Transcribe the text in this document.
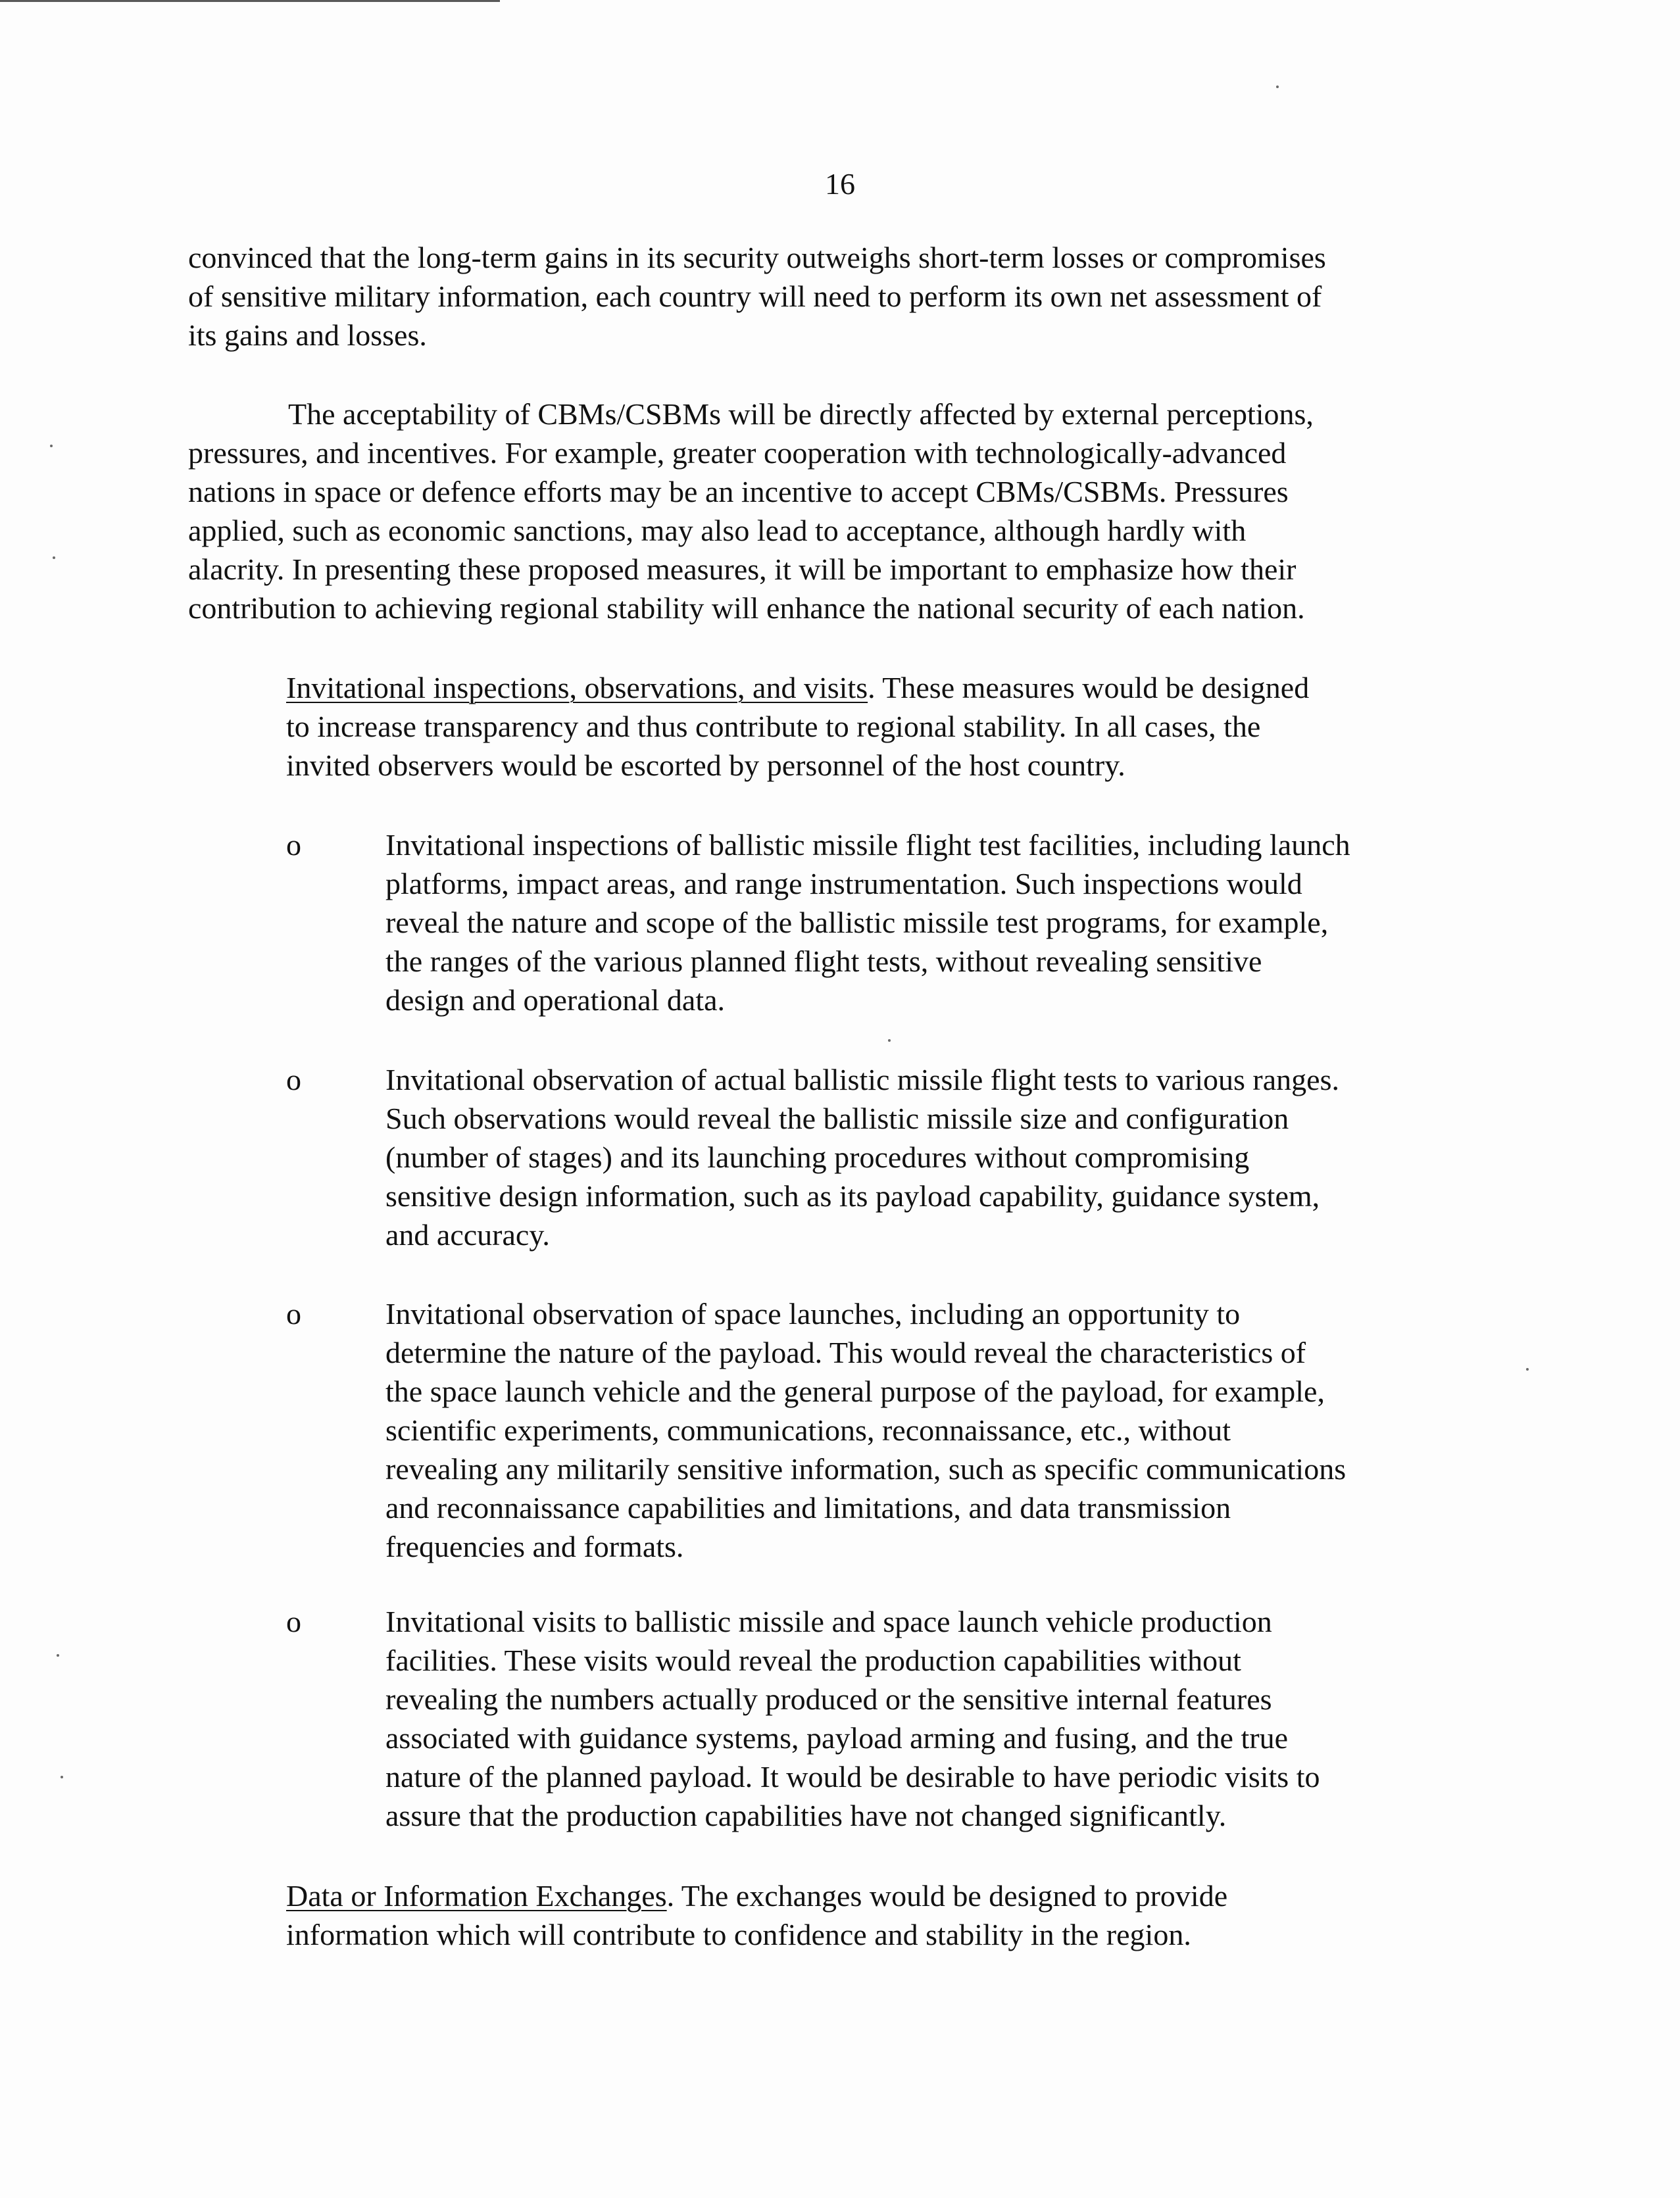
16

convinced that the long-term gains in its security outweighs short-term losses or compromises
of sensitive military information, each country will need to perform its own net assessment of
its gains and losses.

The acceptability of CBMs/CSBMs will be directly affected by external perceptions,
pressures, and incentives. For example, greater cooperation with technologically-advanced
nations in space or defence efforts may be an incentive to accept CBMs/CSBMs. Pressures
applied, such as economic sanctions, may also lead to acceptance, although hardly with
alacrity. In presenting these proposed measures, it will be important to emphasize how their
contribution to achieving regional stability will enhance the national security of each nation.

Invitational inspections, observations, and visits. These measures would be designed
to increase transparency and thus contribute to regional stability. In all cases, the
invited observers would be escorted by personnel of the host country.

o	Invitational inspections of ballistic missile flight test facilities, including launch
platforms, impact areas, and range instrumentation. Such inspections would
reveal the nature and scope of the ballistic missile test programs, for example,
the ranges of the various planned flight tests, without revealing sensitive
design and operational data.
o	Invitational observation of actual ballistic missile flight tests to various ranges.
Such observations would reveal the ballistic missile size and configuration
(number of stages) and its launching procedures without compromising
sensitive design information, such as its payload capability, guidance system,
and accuracy.
o	Invitational observation of space launches, including an opportunity to
determine the nature of the payload. This would reveal the characteristics of
the space launch vehicle and the general purpose of the payload, for example,
scientific experiments, communications, reconnaissance, etc., without
revealing any militarily sensitive information, such as specific communications
and reconnaissance capabilities and limitations, and data transmission
frequencies and formats.
o	Invitational visits to ballistic missile and space launch vehicle production
facilities. These visits would reveal the production capabilities without
revealing the numbers actually produced or the sensitive internal features
associated with guidance systems, payload arming and fusing, and the true
nature of the planned payload. It would be desirable to have periodic visits to
assure that the production capabilities have not changed significantly.

Data or Information Exchanges. The exchanges would be designed to provide
information which will contribute to confidence and stability in the region.
